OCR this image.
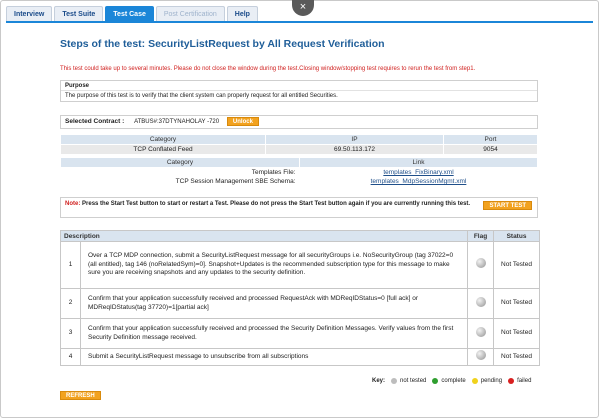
Interview	Test Suite	Test Case	Post Certification	Help
×
Steps of the test: SecurityListRequest by All Request Verification
This test could take up to several minutes. Please do not close the window during the test.Closing window/stopping test requires to rerun the test from step1.
Purpose
The purpose of this test is to verify that the client system can properly request for all entitled Securities.
Selected Contract : ATBUS#:37DTYNAHOLAY -720 Unlock
Category	IP	Port
TCP Conflated Feed	69.50.113.172	9054
Category	Link
Templates File:	templates_FixBinary.xml
TCP Session Management SBE Schema:	templates_MdpSessionMgmt.xml
Note: Press the Start Test button to start or restart a Test. Please do not press the Start Test button again if you are currently running this test.	START TEST
Description		Flag	Status
1	Over a TCP MDP connection, submit a SecurityListRequest message for all securityGroups i.e. NoSecurityGroup (tag 37022=0 (all entitled), tag 146 (noRelatedSym)=0]. Snapshot+Updates is the recommended subscription type for this message to make sure you are receiving snapshots and any updates to the security definition.		Not Tested
2	Confirm that your application successfully received and processed RequestAck with MDReqIDStatus=0 [full ack] or MDReqIDStatus(tag 37720)=1[partial ack]		Not Tested
3	Confirm that your application successfully received and processed the Security Definition Messages. Verify values from the first Security Definition message received.		Not Tested
4	Submit a SecurityListRequest message to unsubscribe from all subscriptions		Not Tested
Key:	not tested	complete	pending	failed
REFRESH
